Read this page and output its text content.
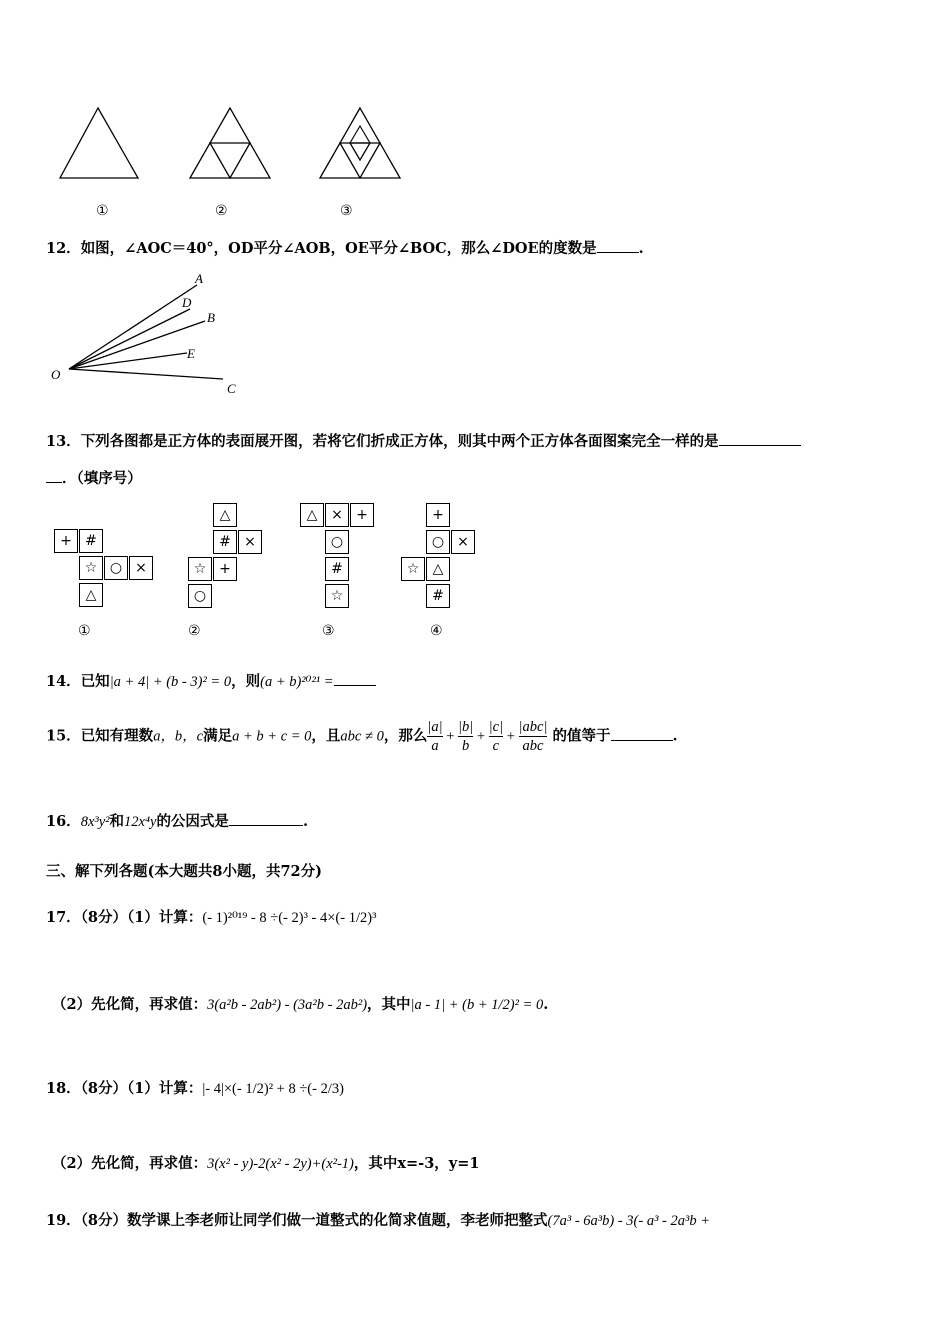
①	②	③
12．如图，∠AOC＝40°，OD平分∠AOB，OE平分∠BOC，那么∠DOE的度数是	.
A
D
B
E
O
C
13．下列各图都是正方体的表面展开图，若将它们折成正方体，则其中两个正方体各面图案完全一样的是
．（填序号）
+ #
☆ ○ ×
△
△
# ×
☆ +
○
△ × +
○
#
☆
+
○ ×
☆ △
#
①	②	③	④
14．已知|a + 4| + (b - 3)² = 0，则(a + b)²⁰²¹ =
15．已知有理数a，b，c满足a + b + c = 0，且abc ≠ 0，那么 $\frac{|a|}{a} + \frac{|b|}{b} + \frac{|c|}{c} + \frac{\text{|abc|}}{\text{abc}}$ 的值等于	.
16．8x³y²和12x⁴y的公因式是	.
三、解下列各题(本大题共8小题，共72分)
17．（8分）（1）计算：(- 1)²⁰¹⁹ - 8 ÷(- 2)³ - 4×(- 1/2)³
（2）先化简，再求值：3(a²b - 2ab²) - (3a²b - 2ab²)，其中|a - 1| + (b + 1/2)² = 0.
18．（8分）（1）计算：|- 4|×(- 1/2)² + 8 ÷(- 2/3)
（2）先化简，再求值：3(x² - y)-2(x² - 2y)+(x²-1)，其中x=-3，y=1
19．（8分）数学课上李老师让同学们做一道整式的化简求值题，李老师把整式(7a³ - 6a³b) - 3(- a³ - 2a³b +
